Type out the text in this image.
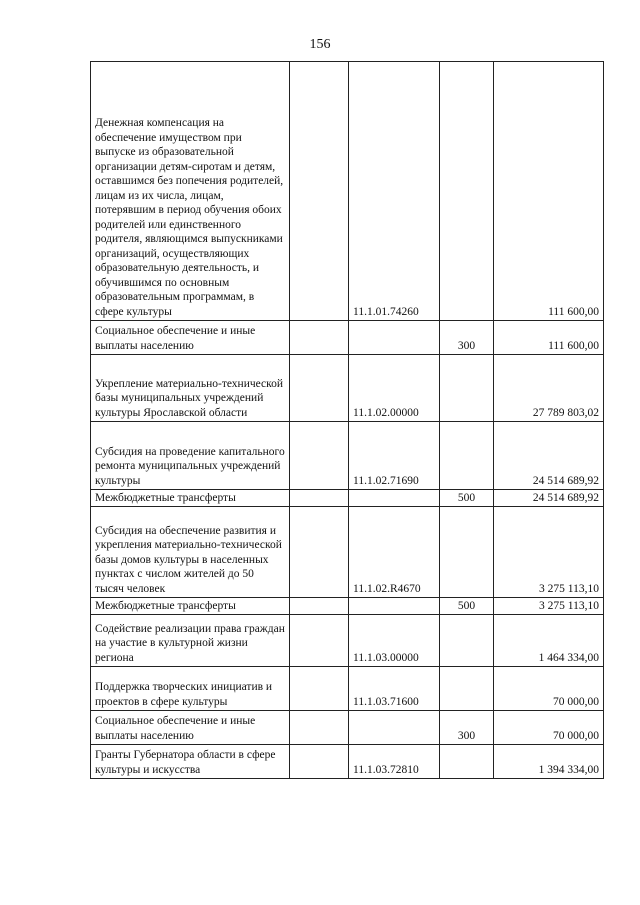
156
Денежная компенсация на обеспечение имуществом при выпуске из образовательной организации детям-сиротам и детям, оставшимся без попечения родителей, лицам из их числа, лицам, потерявшим в период обучения обоих родителей или единственного родителя, являющимся выпускниками организаций, осуществляющих образовательную деятельность, и обучившимся по основным образовательным программам, в сфере культуры		11.1.01.74260		111 600,00
Социальное обеспечение и иные выплаты населению			300	111 600,00
Укрепление материально-технической базы муниципальных учреждений культуры Ярославской области		11.1.02.00000		27 789 803,02
Субсидия на проведение капитального ремонта муниципальных учреждений культуры		11.1.02.71690		24 514 689,92
Межбюджетные трансферты			500	24 514 689,92
Субсидия на обеспечение развития и укрепления материально-технической базы домов культуры в населенных пунктах с числом жителей до 50 тысяч человек		11.1.02.R4670		3 275 113,10
Межбюджетные трансферты			500	3 275 113,10
Содействие реализации права граждан на участие в культурной жизни региона		11.1.03.00000		1 464 334,00
Поддержка творческих инициатив и проектов в сфере культуры		11.1.03.71600		70 000,00
Социальное обеспечение и иные выплаты населению			300	70 000,00
Гранты Губернатора области в сфере культуры и искусства		11.1.03.72810		1 394 334,00
